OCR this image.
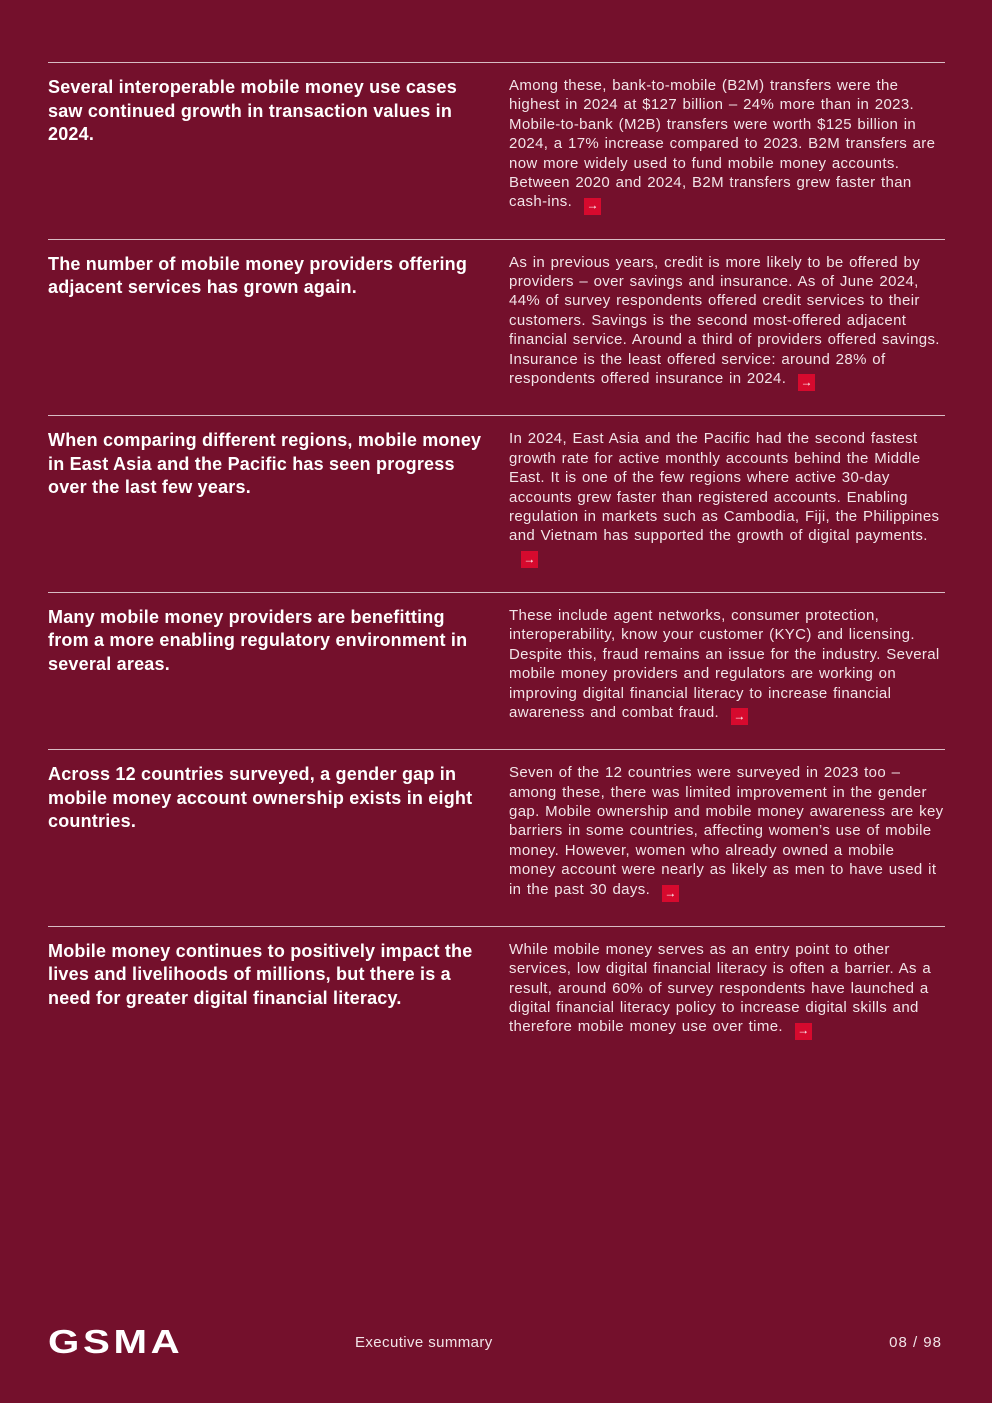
Several interoperable mobile money use cases saw continued growth in transaction values in 2024.
Among these, bank-to-mobile (B2M) transfers were the highest in 2024 at $127 billion – 24% more than in 2023. Mobile-to-bank (M2B) transfers were worth $125 billion in 2024, a 17% increase compared to 2023. B2M transfers are now more widely used to fund mobile money accounts. Between 2020 and 2024, B2M transfers grew faster than cash-ins. →
The number of mobile money providers offering adjacent services has grown again.
As in previous years, credit is more likely to be offered by providers – over savings and insurance. As of June 2024, 44% of survey respondents offered credit services to their customers. Savings is the second most-offered adjacent financial service. Around a third of providers offered savings. Insurance is the least offered service: around 28% of respondents offered insurance in 2024. →
When comparing different regions, mobile money in East Asia and the Pacific has seen progress over the last few years.
In 2024, East Asia and the Pacific had the second fastest growth rate for active monthly accounts behind the Middle East. It is one of the few regions where active 30-day accounts grew faster than registered accounts. Enabling regulation in markets such as Cambodia, Fiji, the Philippines and Vietnam has supported the growth of digital payments.
→
Many mobile money providers are benefitting from a more enabling regulatory environment in several areas.
These include agent networks, consumer protection, interoperability, know your customer (KYC) and licensing. Despite this, fraud remains an issue for the industry. Several mobile money providers and regulators are working on improving digital financial literacy to increase financial awareness and combat fraud. →
Across 12 countries surveyed, a gender gap in mobile money account ownership exists in eight countries.
Seven of the 12 countries were surveyed in 2023 too – among these, there was limited improvement in the gender gap. Mobile ownership and mobile money awareness are key barriers in some countries, affecting women’s use of mobile money. However, women who already owned a mobile money account were nearly as likely as men to have used it in the past 30 days. →
Mobile money continues to positively impact the lives and livelihoods of millions, but there is a need for greater digital financial literacy.
While mobile money serves as an entry point to other services, low digital financial literacy is often a barrier. As a result, around 60% of survey respondents have launched a digital financial literacy policy to increase digital skills and therefore mobile money use over time. →
GSMA	Executive summary	08 / 98
